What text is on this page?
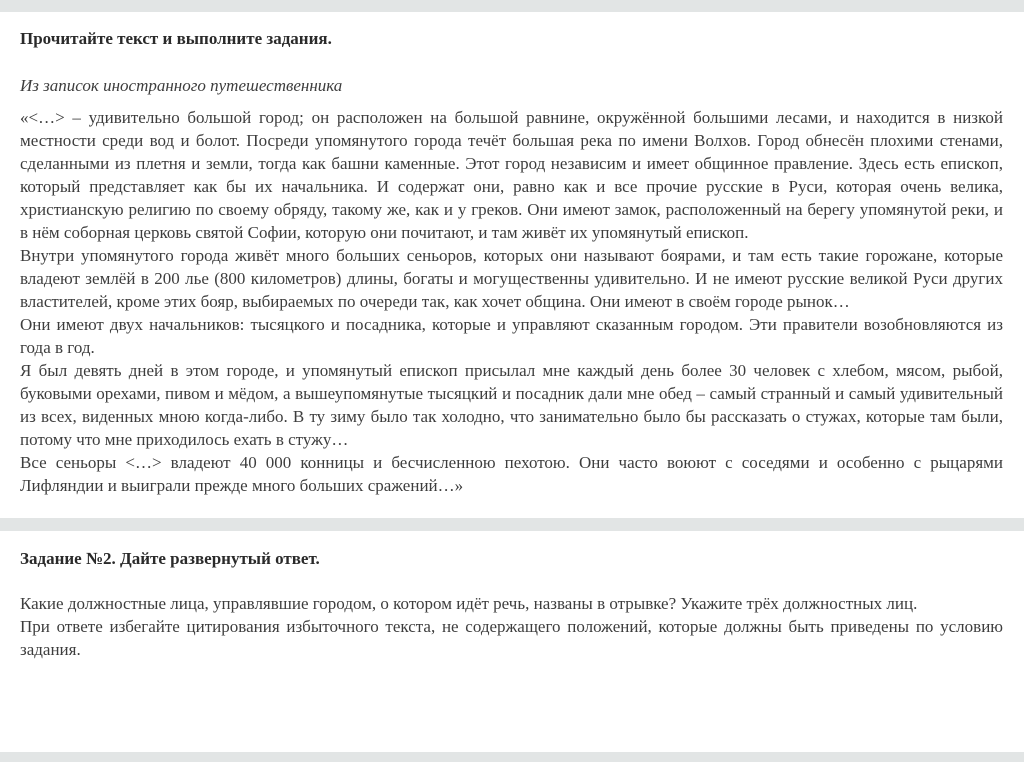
Прочитайте текст и выполните задания.
Из записок иностранного путешественника

«<…> – удивительно большой город; он расположен на большой равнине, окружённой большими лесами, и находится в низкой местности среди вод и болот. Посреди упомянутого города течёт большая река по имени Волхов. Город обнесён плохими стенами, сделанными из плетня и земли, тогда как башни каменные. Этот город независим и имеет общинное правление. Здесь есть епископ, который представляет как бы их начальника. И содержат они, равно как и все прочие русские в Руси, которая очень велика, христианскую религию по своему обряду, такому же, как и у греков. Они имеют замок, расположенный на берегу упомянутой реки, и в нём соборная церковь святой Софии, которую они почитают, и там живёт их упомянутый епископ.

Внутри упомянутого города живёт много больших сеньоров, которых они называют боярами, и там есть такие горожане, которые владеют землёй в 200 лье (800 километров) длины, богаты и могущественны удивительно. И не имеют русские великой Руси других властителей, кроме этих бояр, выбираемых по очереди так, как хочет община. Они имеют в своём городе рынок…

Они имеют двух начальников: тысяцкого и посадника, которые и управляют сказанным городом. Эти правители возобновляются из года в год.

Я был девять дней в этом городе, и упомянутый епископ присылал мне каждый день более 30 человек с хлебом, мясом, рыбой, буковыми орехами, пивом и мёдом, а вышеупомянутые тысяцкий и посадник дали мне обед – самый странный и самый удивительный из всех, виденных мною когда-либо. В ту зиму было так холодно, что занимательно было бы рассказать о стужах, которые там были, потому что мне приходилось ехать в стужу…

Все сеньоры <…> владеют 40 000 конницы и бесчисленною пехотою. Они часто воюют с соседями и особенно с рыцарями Лифляндии и выиграли прежде много больших сражений…»

Задание №2. Дайте развернутый ответ.

Какие должностные лица, управлявшие городом, о котором идёт речь, названы в отрывке? Укажите трёх должностных лиц.
При ответе избегайте цитирования избыточного текста, не содержащего положений, которые должны быть приведены по условию задания.
